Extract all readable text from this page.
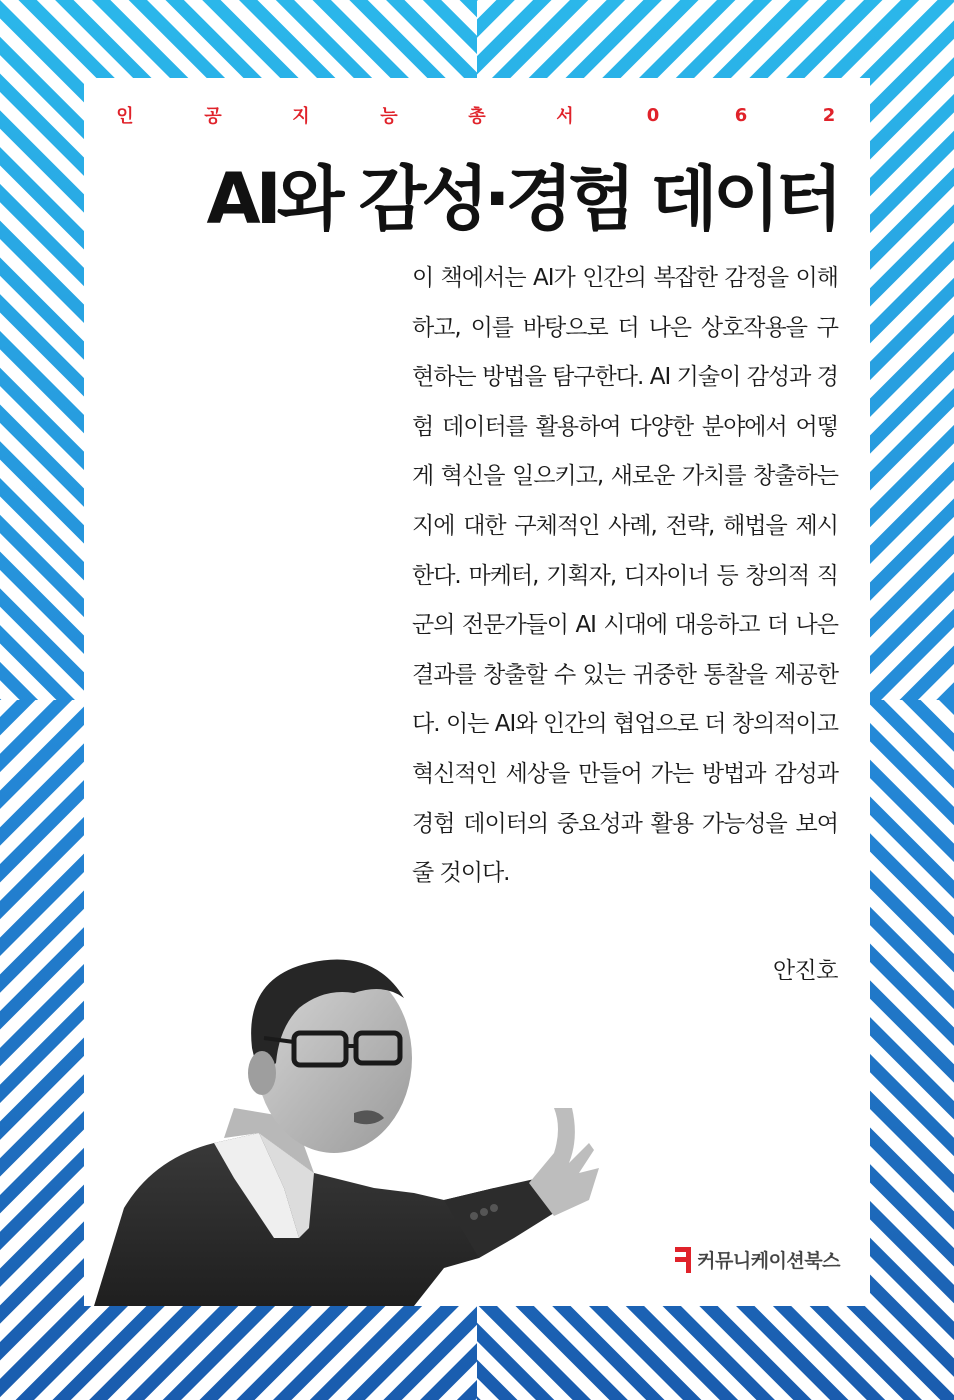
인	공	지	능	총	서	0	6	2
AI와 감성·경험 데이터
이 책에서는 AI가 인간의 복잡한 감정을 이해
하고, 이를 바탕으로 더 나은 상호작용을 구
현하는 방법을 탐구한다. AI 기술이 감성과 경
험 데이터를 활용하여 다양한 분야에서 어떻
게 혁신을 일으키고, 새로운 가치를 창출하는
지에 대한 구체적인 사례, 전략, 해법을 제시
한다. 마케터, 기획자, 디자이너 등 창의적 직
군의 전문가들이 AI 시대에 대응하고 더 나은
결과를 창출할 수 있는 귀중한 통찰을 제공한
다. 이는 AI와 인간의 협업으로 더 창의적이고
혁신적인 세상을 만들어 가는 방법과 감성과
경험 데이터의 중요성과 활용 가능성을 보여
줄 것이다.
안진호
커뮤니케이션북스
